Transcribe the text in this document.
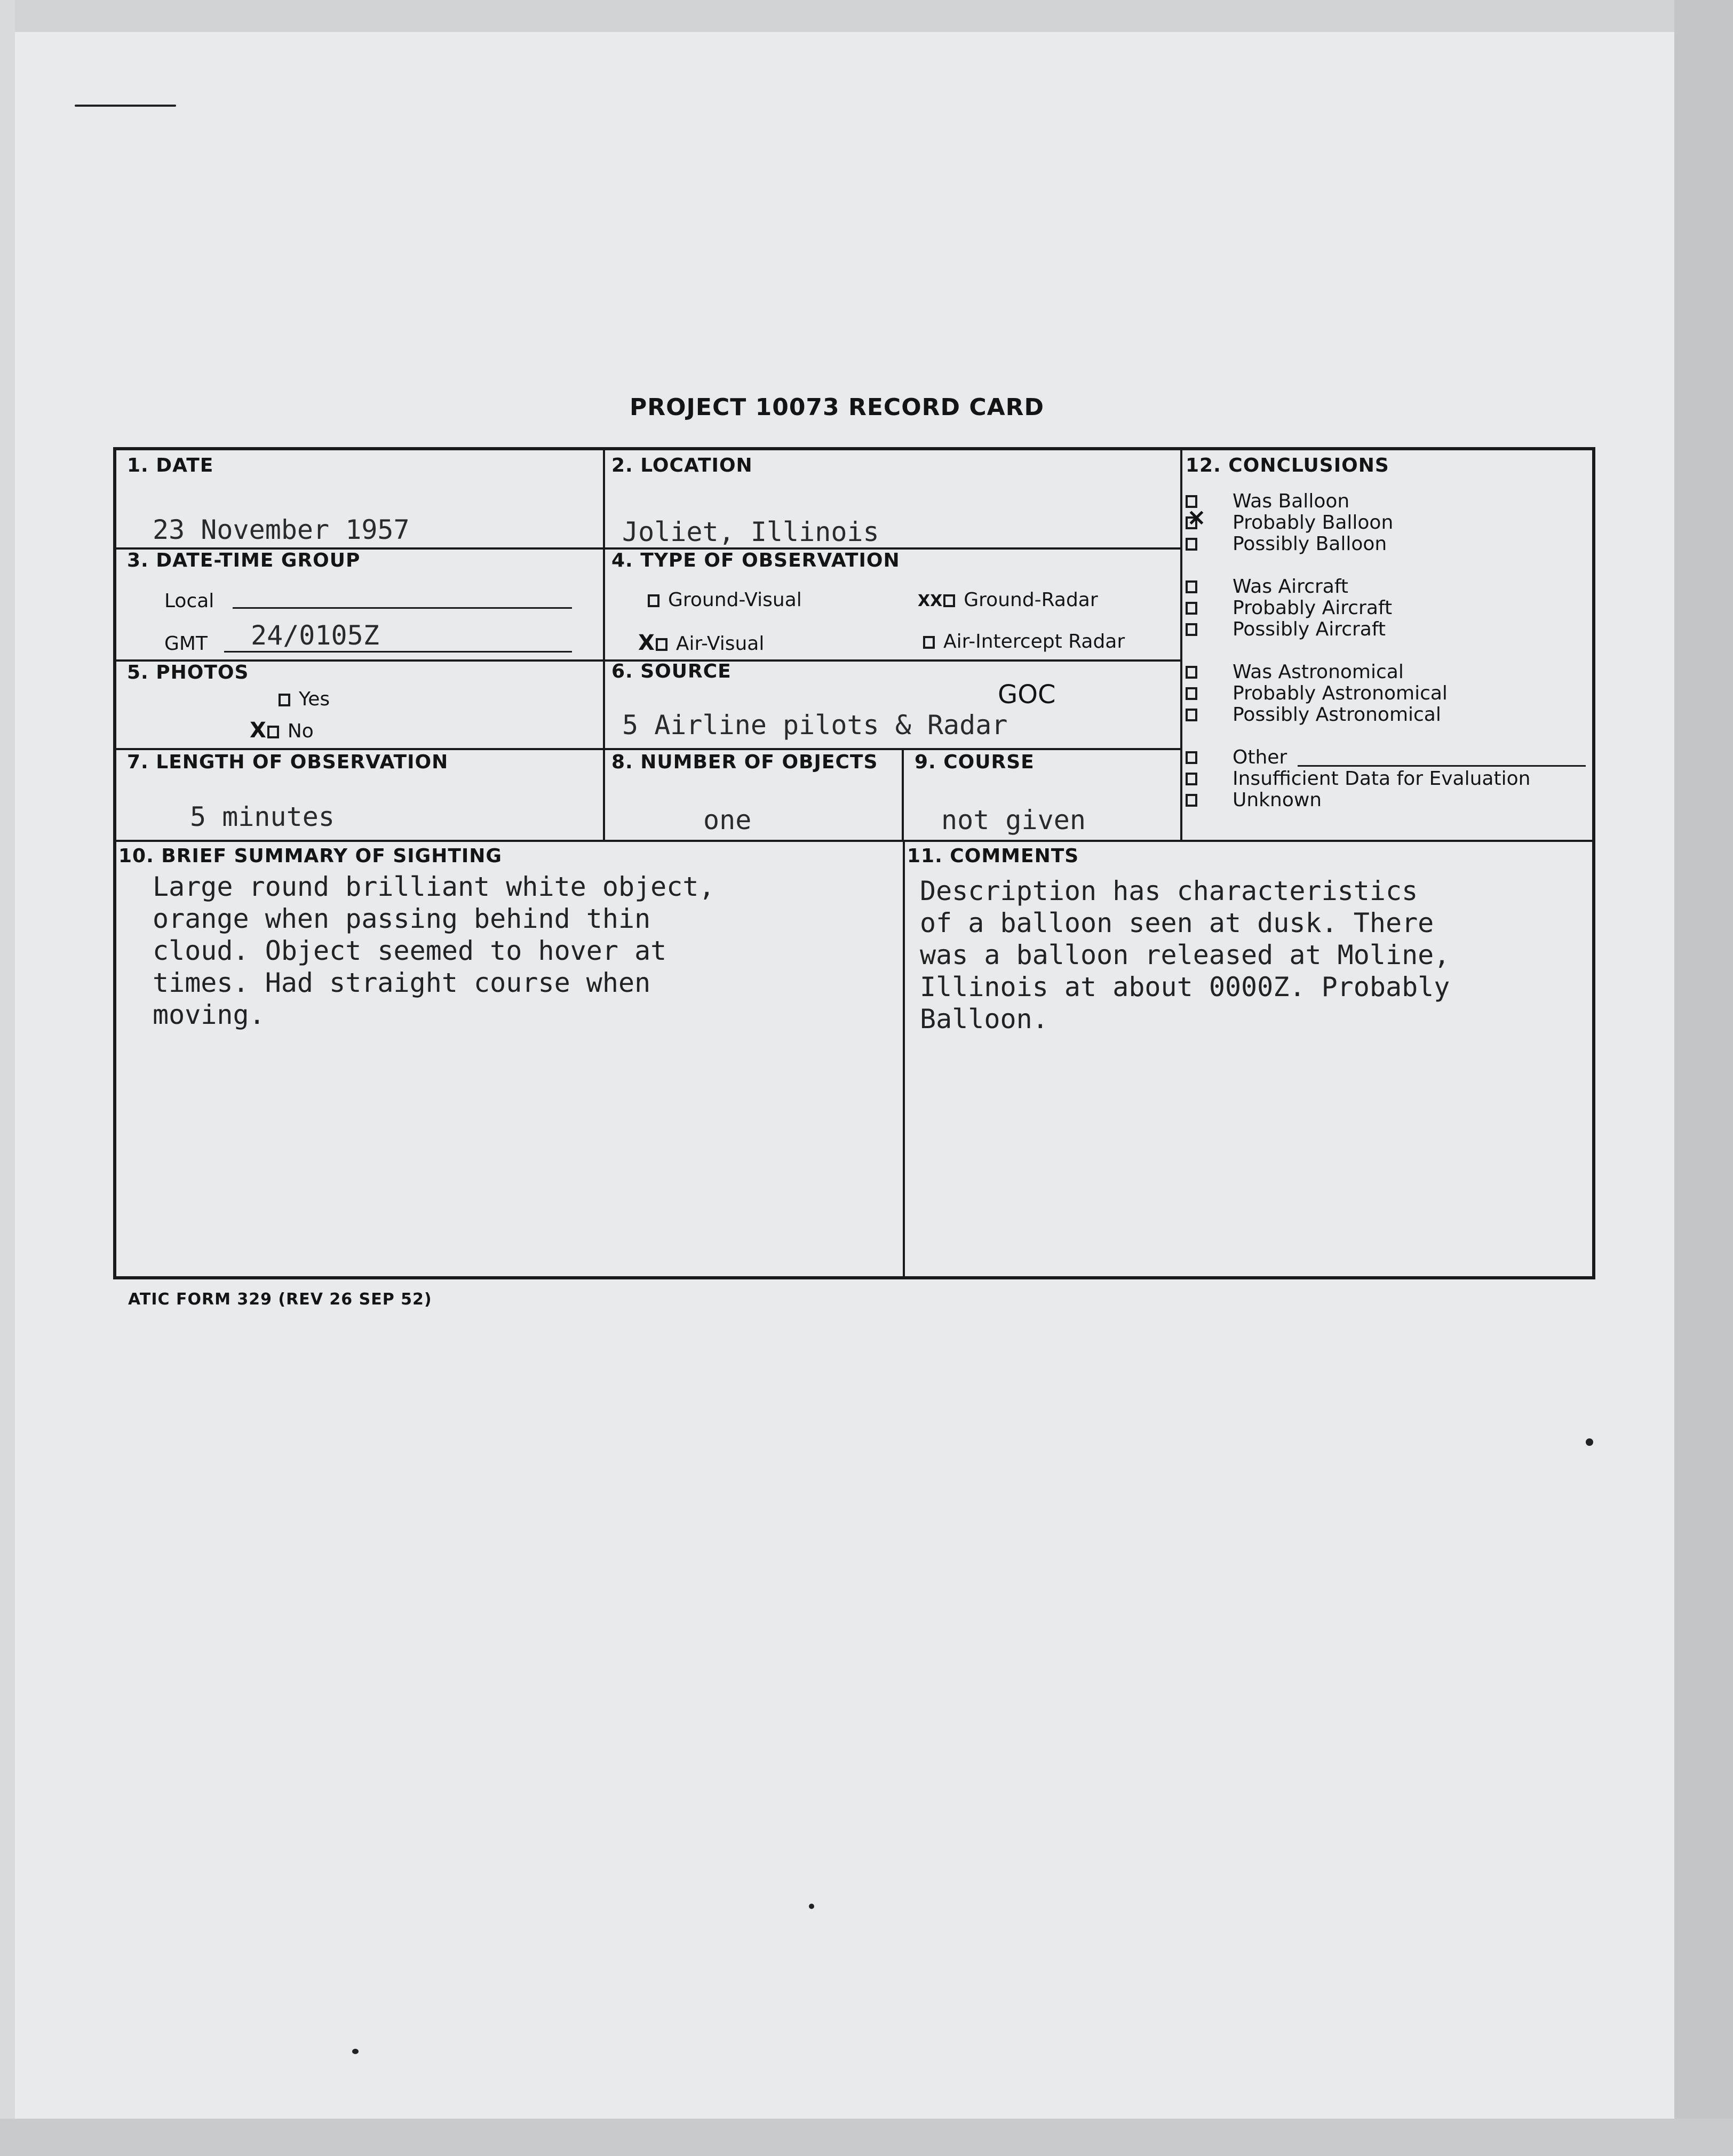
PROJECT 10073 RECORD CARD
1. DATE
23 November 1957
2. LOCATION
Joliet, Illinois
3. DATE-TIME GROUP
Local
GMT 24/0105Z
4. TYPE OF OBSERVATION
Ground-Visual	XX Ground-Radar
X Air-Visual	Air-Intercept Radar
5. PHOTOS
Yes
X No
6. SOURCE
GOC
5 Airline pilots & Radar
7. LENGTH OF OBSERVATION
5 minutes
8. NUMBER OF OBJECTS
one
9. COURSE
not given
10. BRIEF SUMMARY OF SIGHTING
Large round brilliant white object,
orange when passing behind thin
cloud. Object seemed to hover at
times. Had straight course when
moving.
11. COMMENTS
Description has characteristics
of a balloon seen at dusk. There
was a balloon released at Moline,
Illinois at about 0000Z. Probably
Balloon.
12. CONCLUSIONS
Was Balloon
×
Probably Balloon
Possibly Balloon
Was Aircraft
Probably Aircraft
Possibly Aircraft
Was Astronomical
Probably Astronomical
Possibly Astronomical
Other
Insufficient Data for Evaluation
Unknown
ATIC FORM 329 (REV 26 SEP 52)
